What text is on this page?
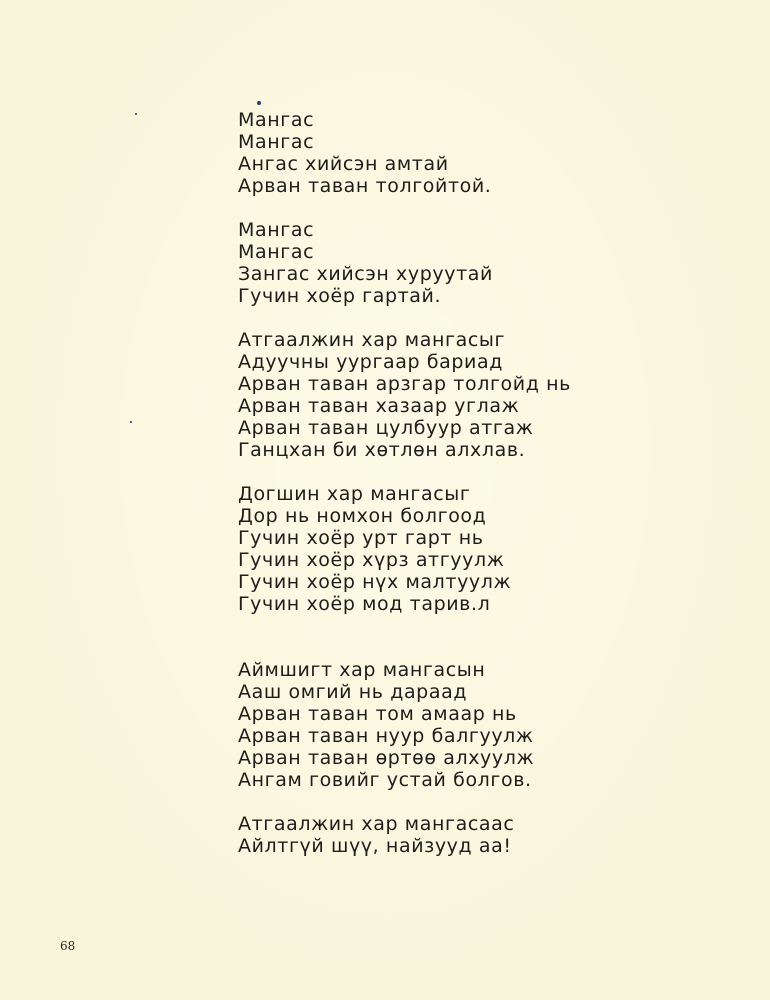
Мангас
Мангас
Ангас хийсэн амтай
Арван таван толгойтой.
Мангас
Мангас
Зангас хийсэн хуруутай
Гучин хоёр гартай.
Атгаалжин хар мангасыг
Адуучны уургаар бариад
Арван таван арзгар толгойд нь
Арван таван хазаар углаж
Арван таван цулбуур атгаж
Ганцхан би хөтлөн алхлав.
Догшин хар мангасыг
Дор нь номхон болгоод
Гучин хоёр урт гарт нь
Гучин хоёр хүрз атгуулж
Гучин хоёр нүх малтуулж
Гучин хоёр мод тарив.л
Аймшигт хар мангасын
Ааш омгий нь дараад
Арван таван том амаар нь
Арван таван нуур балгуулж
Арван таван өртөө алхуулж
Ангам говийг устай болгов.
Атгаалжин хар мангасаас
Айлтгүй шүү, найзууд аа!
68
